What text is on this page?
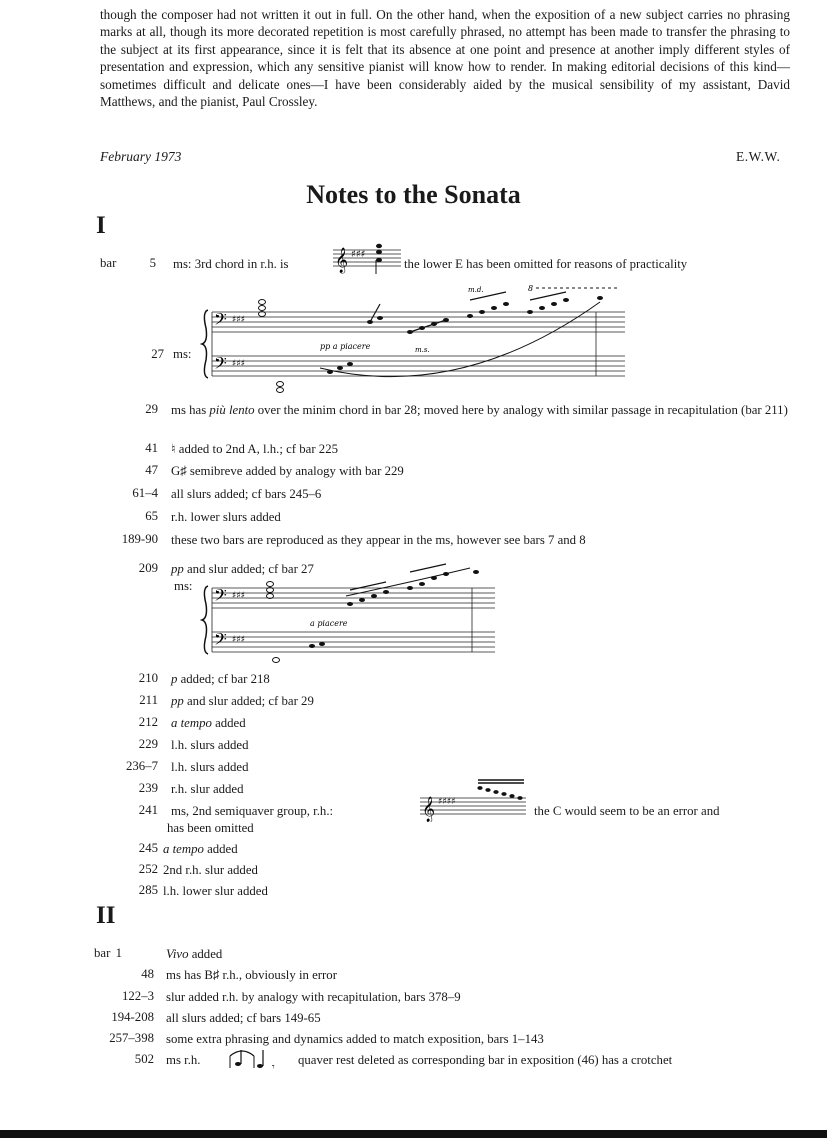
though the composer had not written it out in full. On the other hand, when the exposition of a new subject carries no phrasing marks at all, though its more decorated repetition is most carefully phrased, no attempt has been made to transfer the phrasing to the subject at its first appearance, since it is felt that its absence at one point and presence at another imply different styles of presentation and expression, which any sensitive pianist will know how to render. In making editorial decisions of this kind—sometimes difficult and delicate ones—I have been considerably aided by the musical sensibility of my assistant, David Matthews, and the pianist, Paul Crossley.
February 1973	E.W.W.
Notes to the Sonata
I
bar	5 ms: 3rd chord in r.h. is 𝄞 ♯♯♯
the lower E has been omitted for reasons of practicality
27 ms:
𝄢
𝄢
♯♯♯
♯♯♯
pp a piacere
m.d.
m.s.
8
29 ms has più lento over the minim chord in bar 28; moved here by analogy with similar passage in recapitulation (bar 211)
41 ♮ added to 2nd A, l.h.; cf bar 225
47 G♯ semibreve added by analogy with bar 229
61–4 all slurs added; cf bars 245–6
65 r.h. lower slurs added
189-90 these two bars are reproduced as they appear in the ms, however see bars 7 and 8
209 pp and slur added; cf bar 27
ms: 𝄢
𝄢
♯♯♯
♯♯♯
a piacere
210 p added; cf bar 218
211 pp and slur added; cf bar 29
212 a tempo added
229 l.h. slurs added
236–7 l.h. slurs added
239 r.h. slur added
241 ms, 2nd semiquaver group, r.h.:	𝄞 ♯♯♯♯
the C would seem to be an error and
has been omitted
245 a tempo added
252 2nd r.h. slur added
285 l.h. lower slur added
II
bar 1	Vivo added
48 ms has B♯ r.h., obviously in error
122–3 slur added r.h. by analogy with recapitulation, bars 378–9
194-208 all slurs added; cf bars 149-65
257–398 some extra phrasing and dynamics added to match exposition, bars 1–143
502 ms r.h.
𝄾
quaver rest deleted as corresponding bar in exposition (46) has a crotchet
